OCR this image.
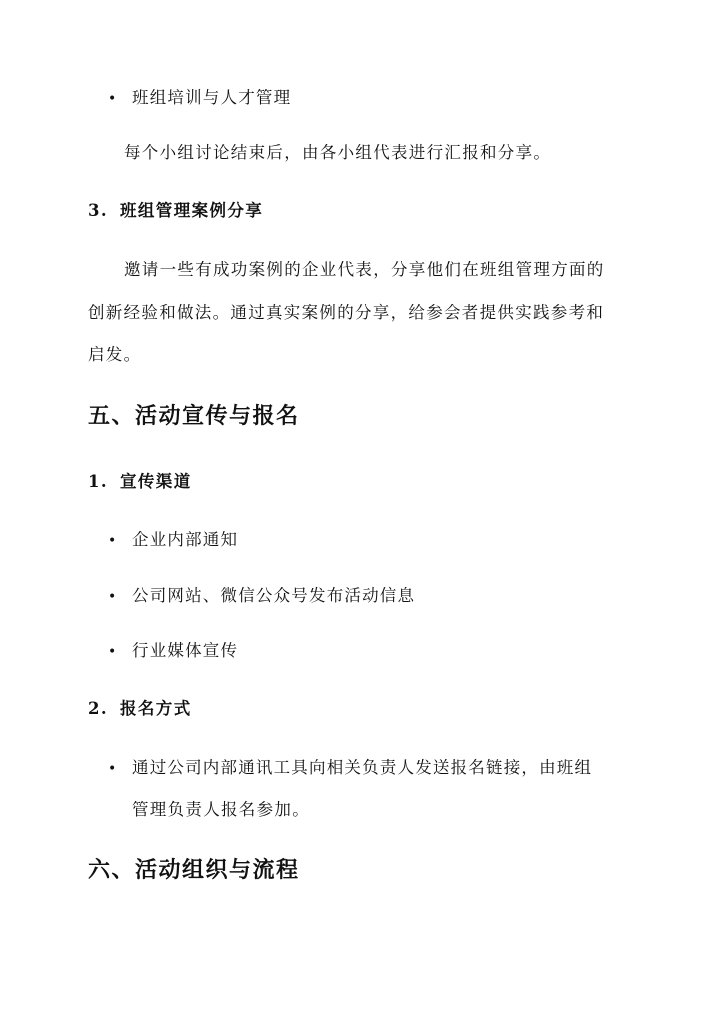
• 班组培训与人才管理
每个小组讨论结束后，由各小组代表进行汇报和分享。
3. 班组管理案例分享
邀请一些有成功案例的企业代表，分享他们在班组管理方面的
创新经验和做法。通过真实案例的分享，给参会者提供实践参考和
启发。
五、活动宣传与报名
1. 宣传渠道
• 企业内部通知
• 公司网站、微信公众号发布活动信息
• 行业媒体宣传
2. 报名方式
• 通过公司内部通讯工具向相关负责人发送报名链接，由班组
管理负责人报名参加。
六、活动组织与流程
